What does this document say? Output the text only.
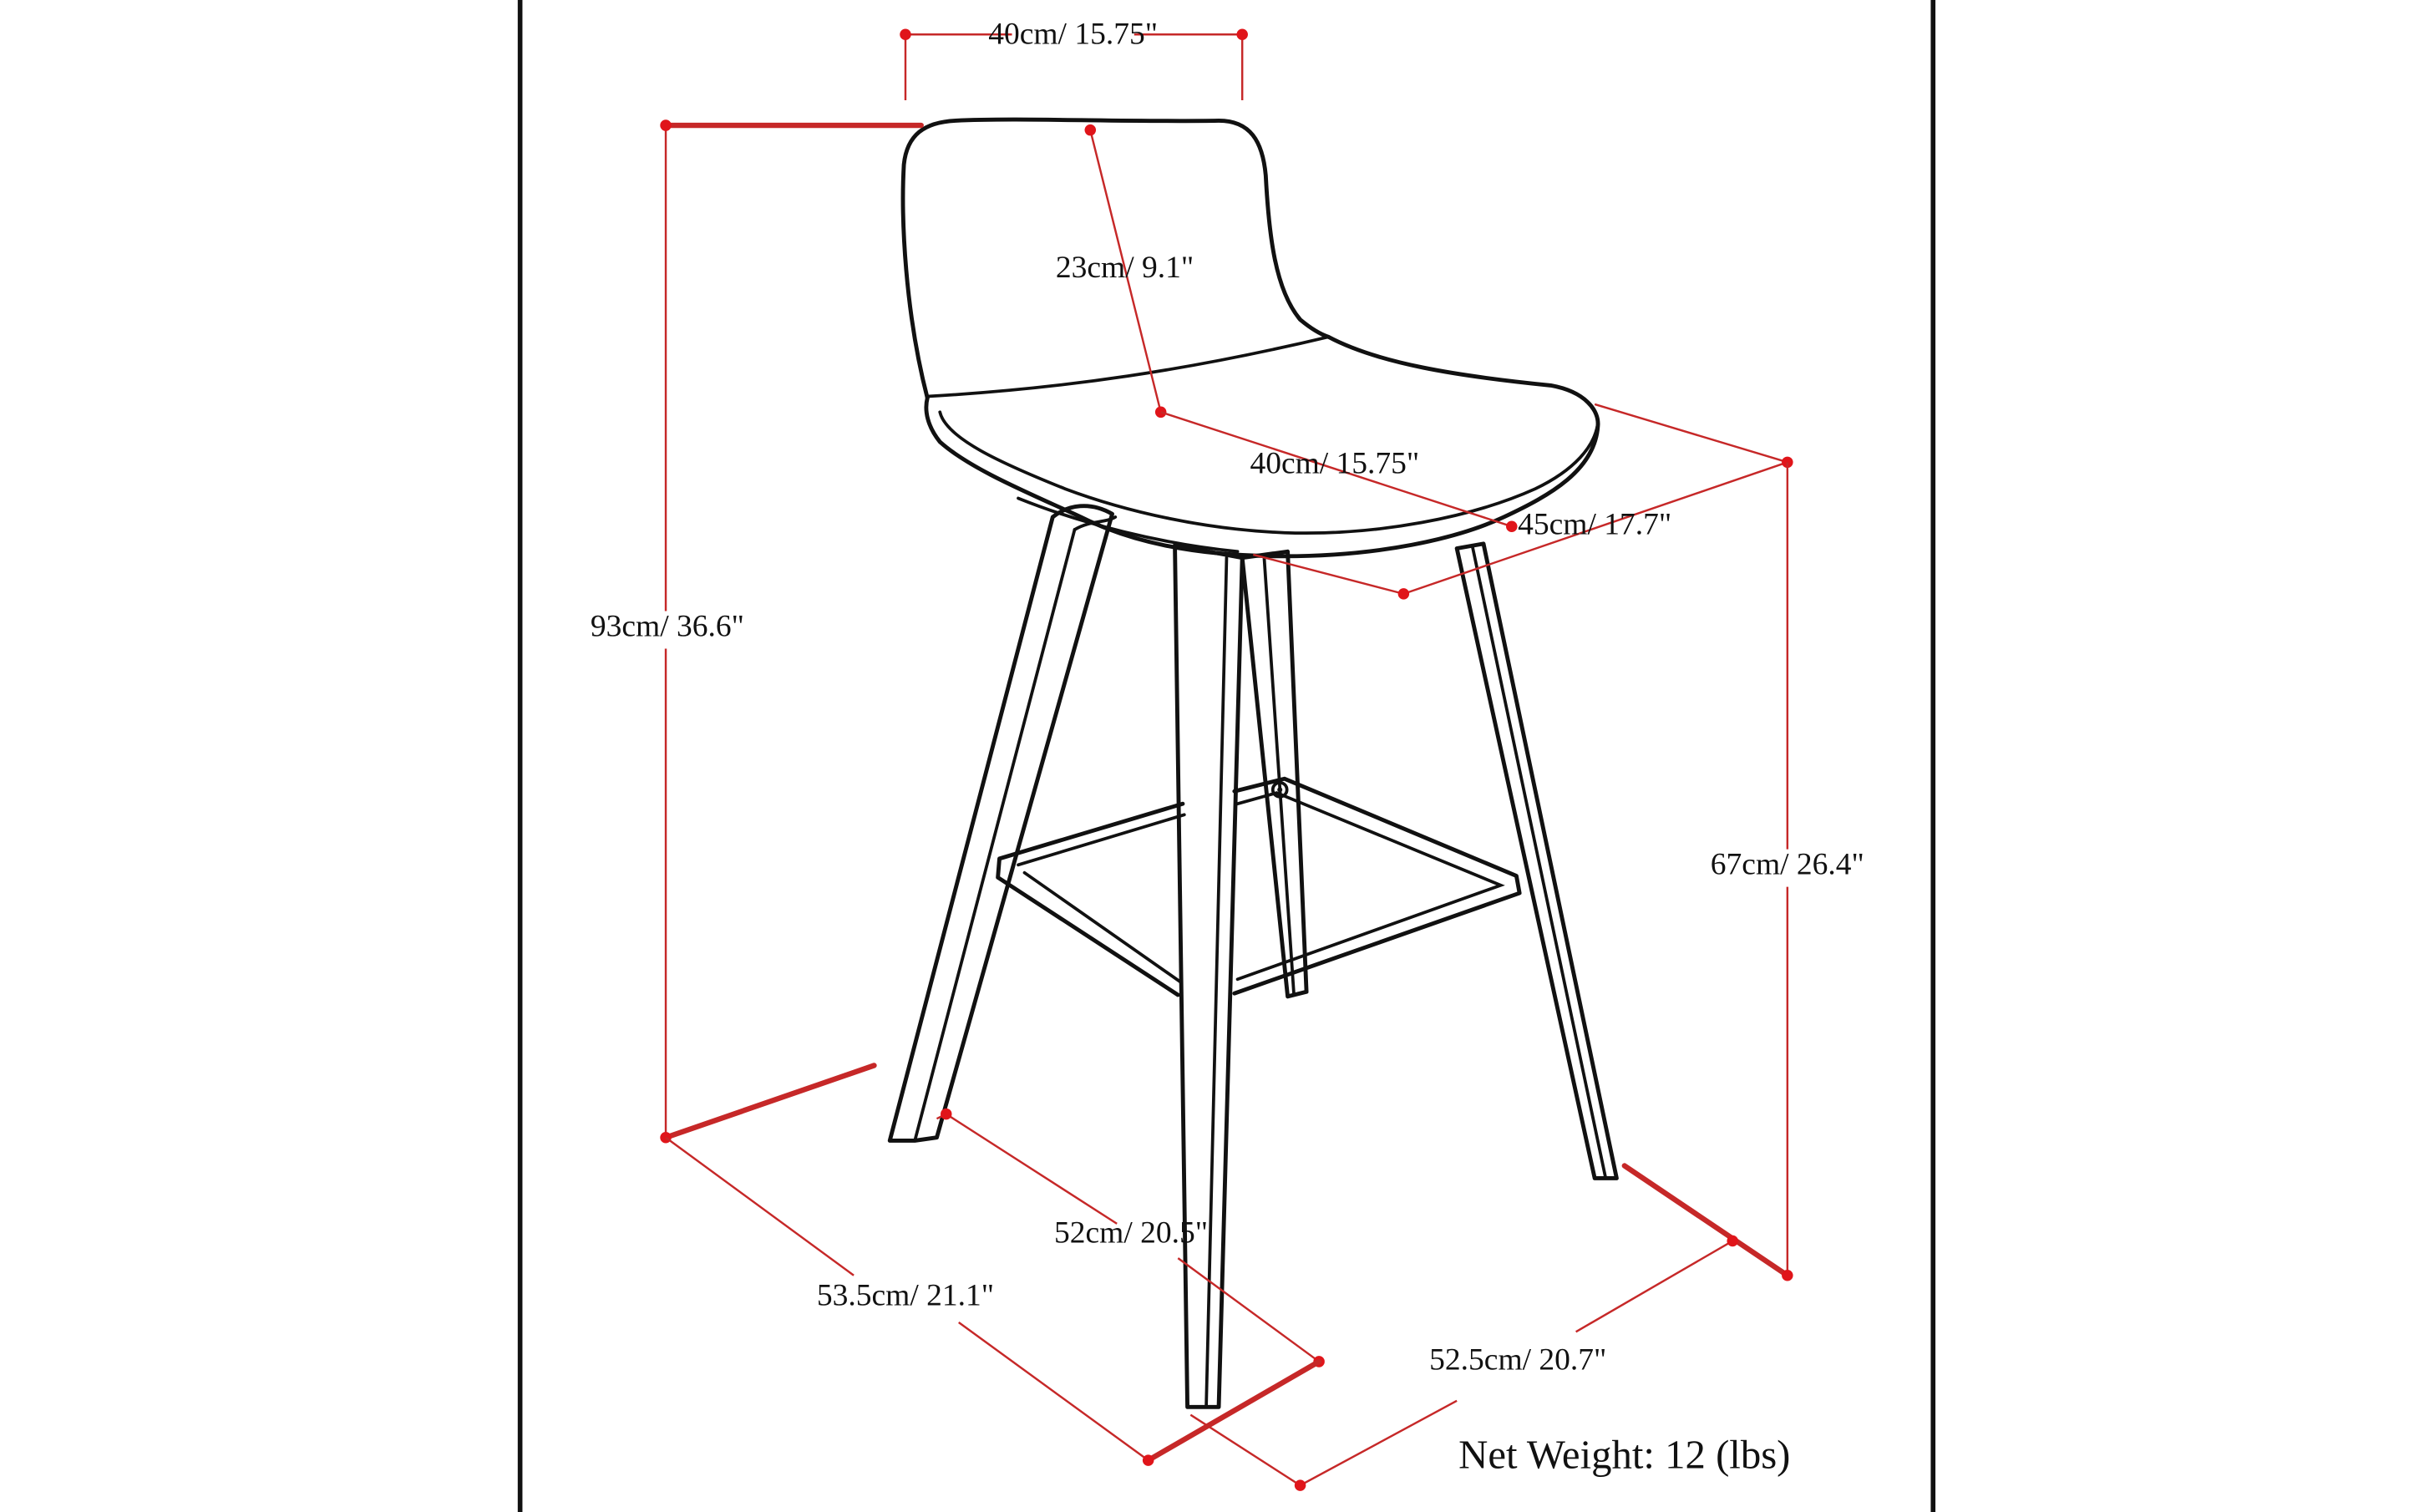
40cm/ 15.75"
23cm/ 9.1"
40cm/ 15.75"
45cm/ 17.7"
93cm/ 36.6"
67cm/ 26.4"
52cm/ 20.5"
53.5cm/ 21.1"
52.5cm/ 20.7"
Net Weight: 12 (lbs)
